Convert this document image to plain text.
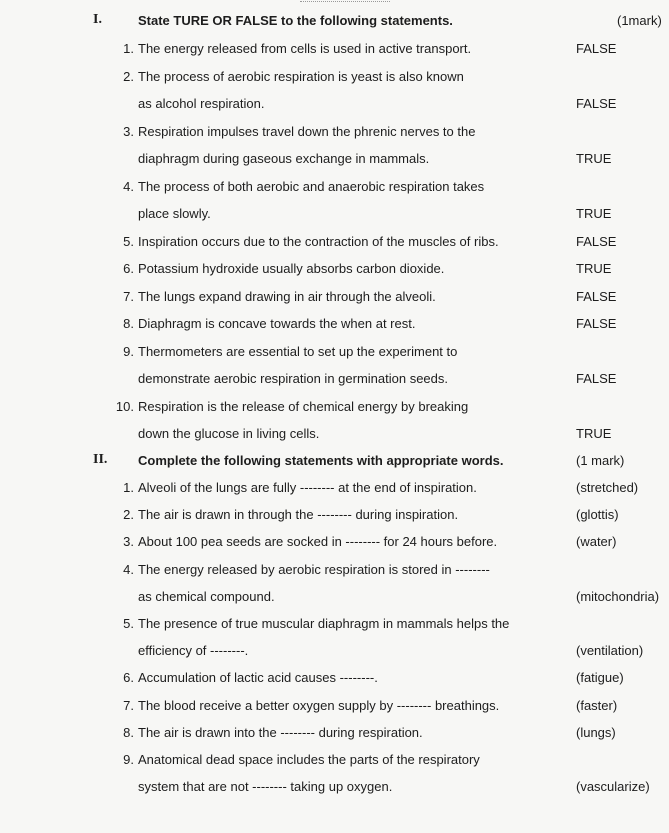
I.	State TURE OR FALSE to the following statements.	(1mark)
1. The energy released from cells is used in active transport.	FALSE
2. The process of aerobic respiration is yeast is also known
as alcohol respiration.	FALSE
3. Respiration impulses travel down the phrenic nerves to the
diaphragm during gaseous exchange in mammals.	TRUE
4. The process of both aerobic and anaerobic respiration takes
place slowly.	TRUE
5. Inspiration occurs due to the contraction of the muscles of ribs.	FALSE
6. Potassium hydroxide usually absorbs carbon dioxide.	TRUE
7. The lungs expand drawing in air through the alveoli.	FALSE
8. Diaphragm is concave towards the when at rest.	FALSE
9. Thermometers are essential to set up the experiment to
demonstrate aerobic respiration in germination seeds.	FALSE
10. Respiration is the release of chemical energy by breaking
down the glucose in living cells.	TRUE
II. Complete the following statements with appropriate words.	(1 mark)
1. Alveoli of the lungs are fully -------- at the end of inspiration.	(stretched)
2. The air is drawn in through the -------- during inspiration.	(glottis)
3. About 100 pea seeds are socked in -------- for 24 hours before.	(water)
4. The energy released by aerobic respiration is stored in --------
as chemical compound.	(mitochondria)
5. The presence of true muscular diaphragm in mammals helps the
efficiency of --------.	(ventilation)
6. Accumulation of lactic acid causes --------.	(fatigue)
7. The blood receive a better oxygen supply by -------- breathings.	(faster)
8. The air is drawn into the -------- during respiration.	(lungs)
9. Anatomical dead space includes the parts of the respiratory
system that are not -------- taking up oxygen.	(vascularize)
